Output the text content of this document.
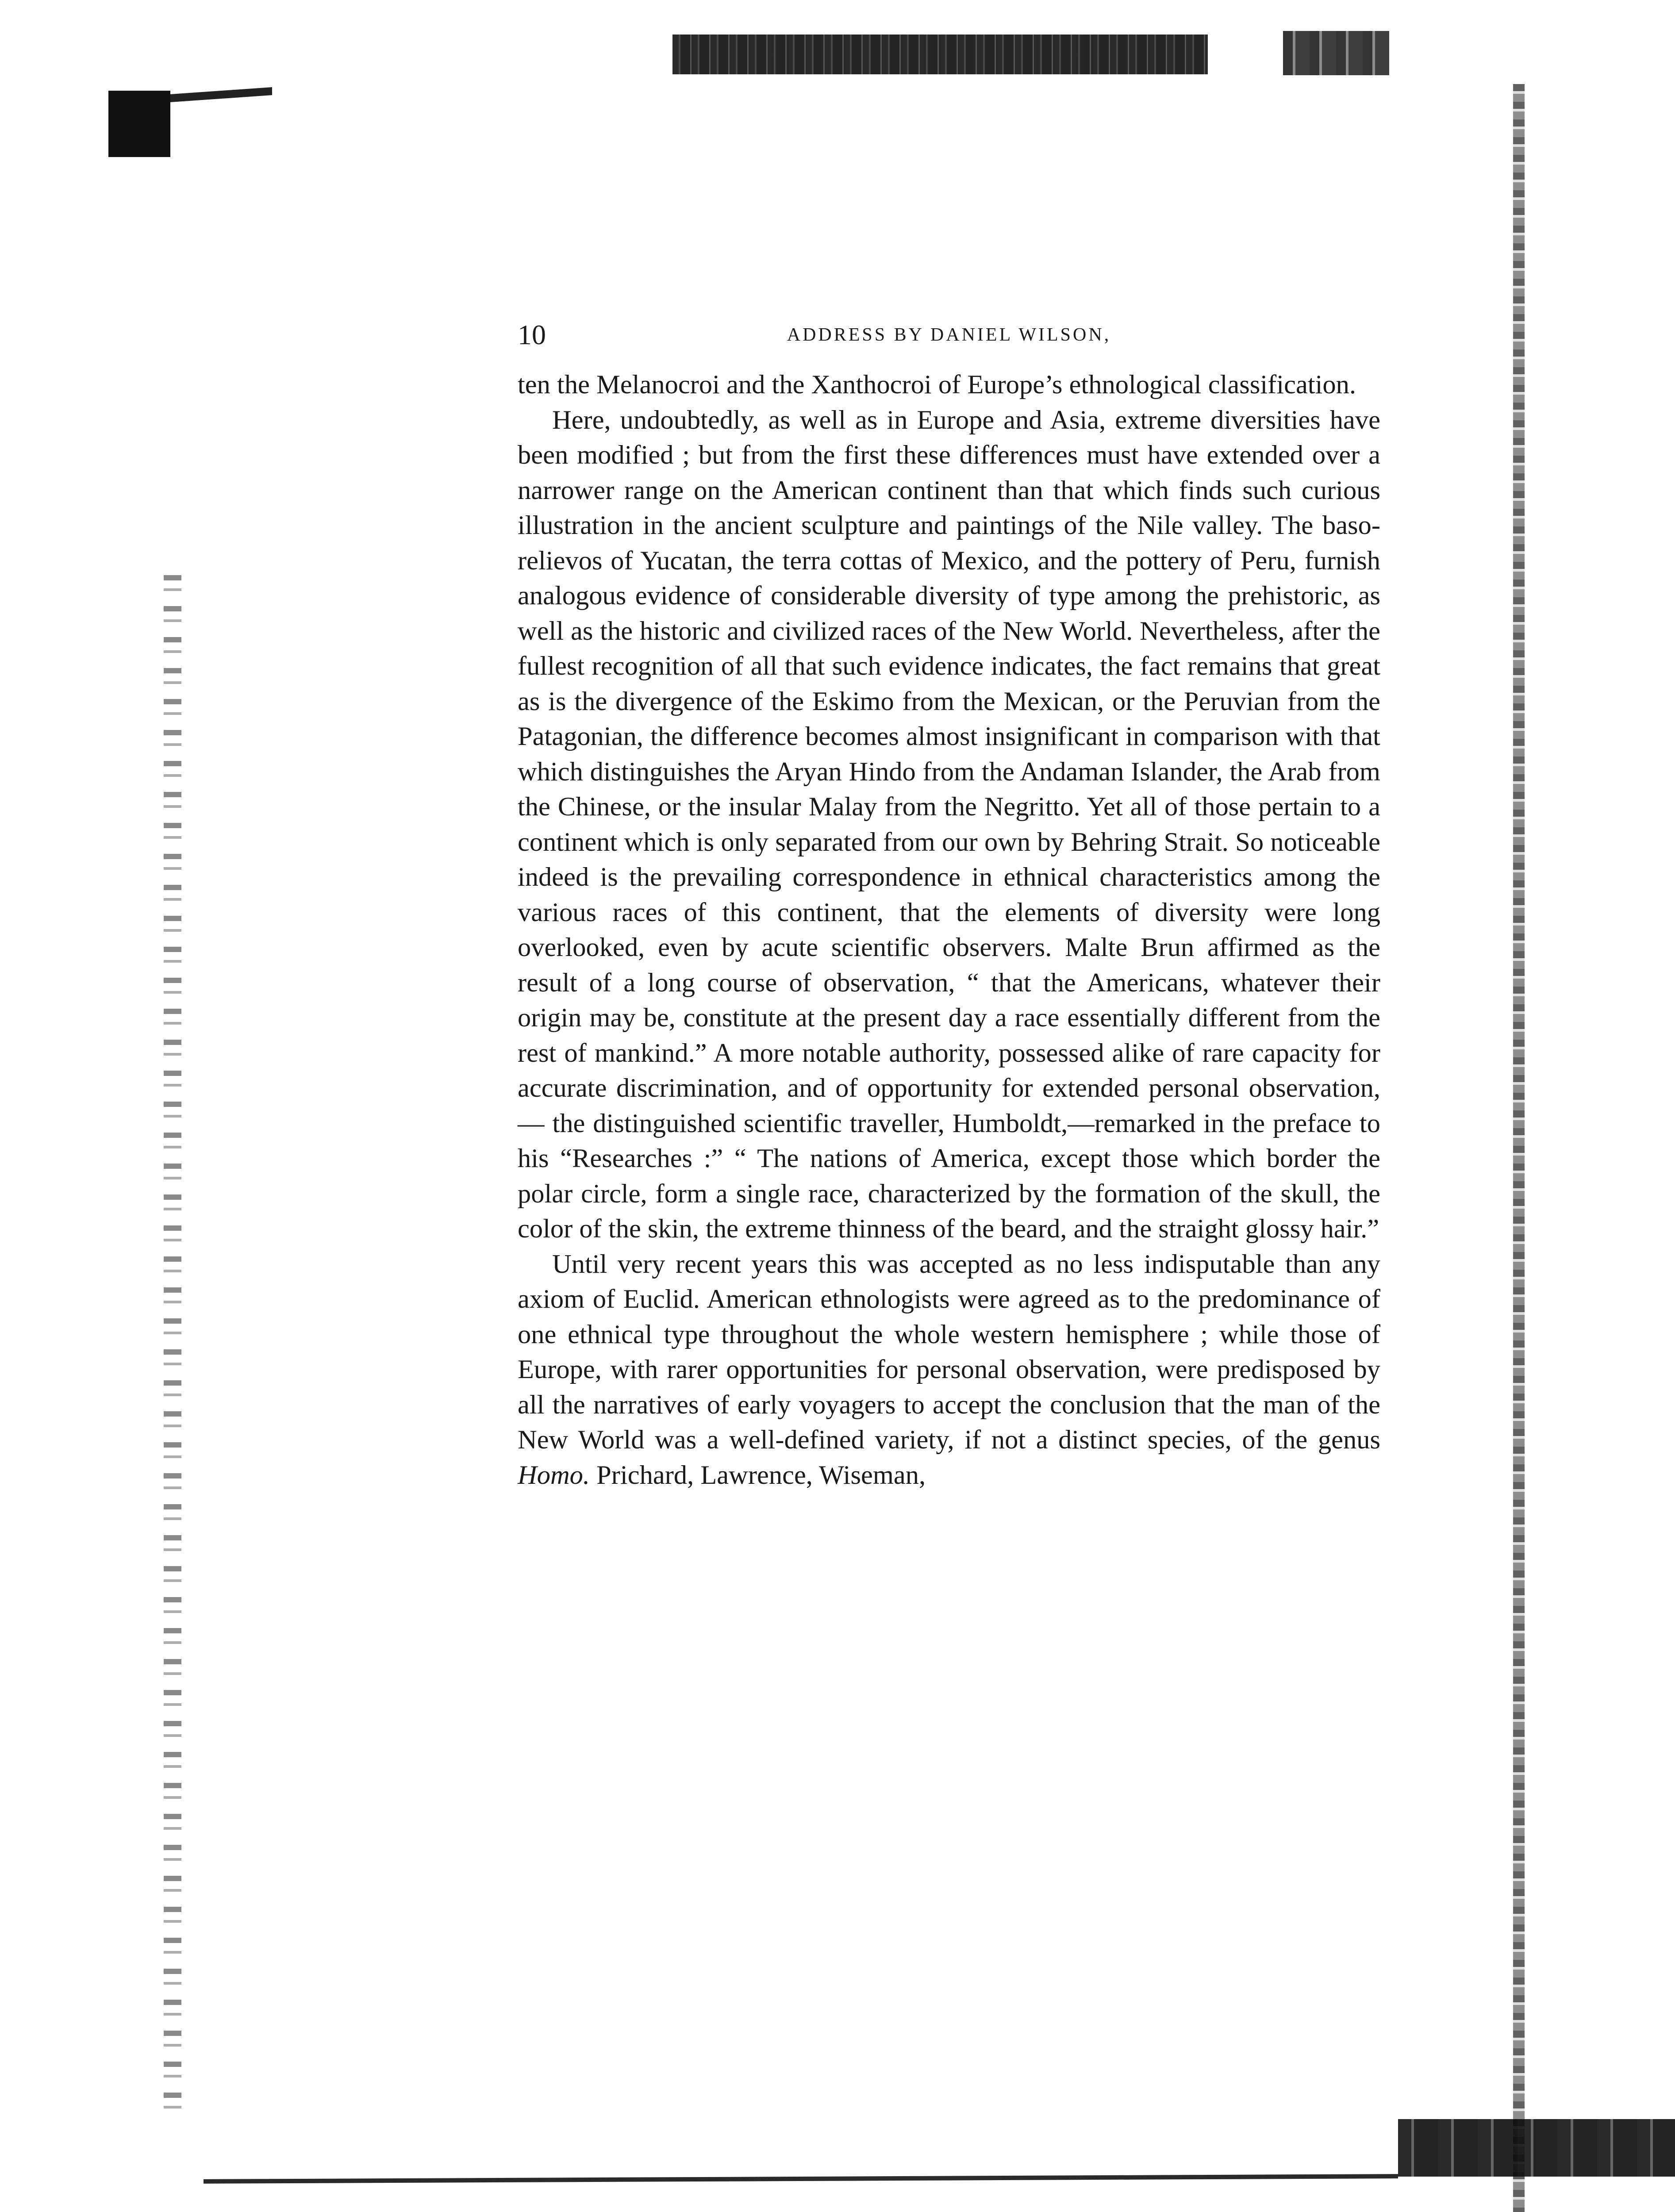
10	ADDRESS BY DANIEL WILSON,

ten the Melanocroi and the Xanthocroi of Europe’s ethnological classification.

Here, undoubtedly, as well as in Europe and Asia, extreme diversities have been modified ; but from the first these differences must have extended over a narrower range on the American continent than that which finds such curious illustration in the ancient sculpture and paintings of the Nile valley. The baso-relievos of Yucatan, the terra cottas of Mexico, and the pottery of Peru, furnish analogous evidence of considerable diversity of type among the prehistoric, as well as the historic and civilized races of the New World. Nevertheless, after the fullest recognition of all that such evidence indicates, the fact remains that great as is the divergence of the Eskimo from the Mexican, or the Peruvian from the Patagonian, the difference becomes almost insignificant in comparison with that which distinguishes the Aryan Hindo from the Andaman Islander, the Arab from the Chinese, or the insular Malay from the Negritto. Yet all of those pertain to a continent which is only separated from our own by Behring Strait. So noticeable indeed is the prevailing correspondence in ethnical characteristics among the various races of this continent, that the elements of diversity were long overlooked, even by acute scientific observers. Malte Brun affirmed as the result of a long course of observation, “ that the Americans, whatever their origin may be, constitute at the present day a race essentially different from the rest of mankind.” A more notable authority, possessed alike of rare capacity for accurate discrimination, and of opportunity for extended personal observation,— the distinguished scientific traveller, Humboldt,—remarked in the preface to his “Researches :” “ The nations of America, except those which border the polar circle, form a single race, characterized by the formation of the skull, the color of the skin, the extreme thinness of the beard, and the straight glossy hair.”

Until very recent years this was accepted as no less indisputable than any axiom of Euclid. American ethnologists were agreed as to the predominance of one ethnical type throughout the whole western hemisphere ; while those of Europe, with rarer opportunities for personal observation, were predisposed by all the narratives of early voyagers to accept the conclusion that the man of the New World was a well-defined variety, if not a distinct species, of the genus Homo. Prichard, Lawrence, Wiseman,
